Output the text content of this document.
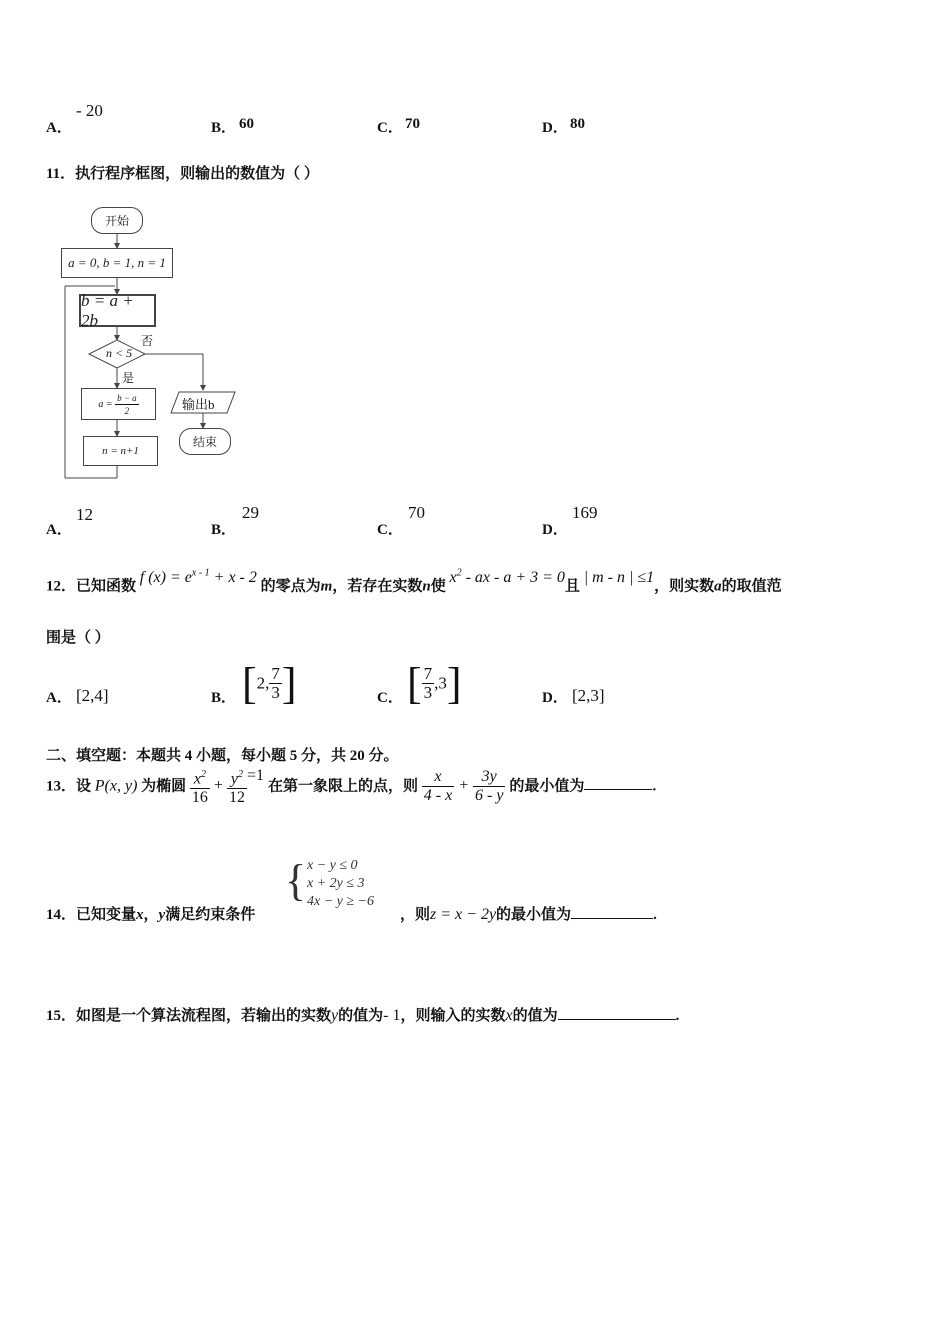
A．
- 20
B． 60	C． 70	D． 80
11．执行程序框图，则输出的数值为（ ）
开始
a = 0, b = 1, n = 1
b = a + 2b
n < 5
否
是
a =
$\frac{b - a}{2}$
n = n+1
输出b
结束
A．
12
B．
29
C．
70
D．
169
12．已知函数 f $(x) = e^{x - 1} + x - 2$ 的零点为m，若存在实数n使 $x^2$ - ax - a + 3 = 0且 | m - n | ≤1，则实数a的取值范
围是（ ）
A． [2,4]	B． [2, $\frac{7}{3}$ ]	C． [ $\frac{7}{3} ,3$]	D． [2,3]
二、填空题：本题共 4 小题，每小题 5 分，共 20 分。
13．设 P(x, y) 为椭圆 $\frac{x^2}{16} + \frac{y^2}{12} =1$ 在第一象限上的点，则 $\frac{x}{4 - x} + \frac{3y}{6 - y}$ 的最小值为	.
14．已知变量x，y满足约束条件
{ x − y ≤ 0
x + 2y ≤ 3
4x − y ≥ −6
，则z = x − 2y的最小值为	.
15．如图是一个算法流程图，若输出的实数y的值为- 1，则输入的实数x的值为	.
